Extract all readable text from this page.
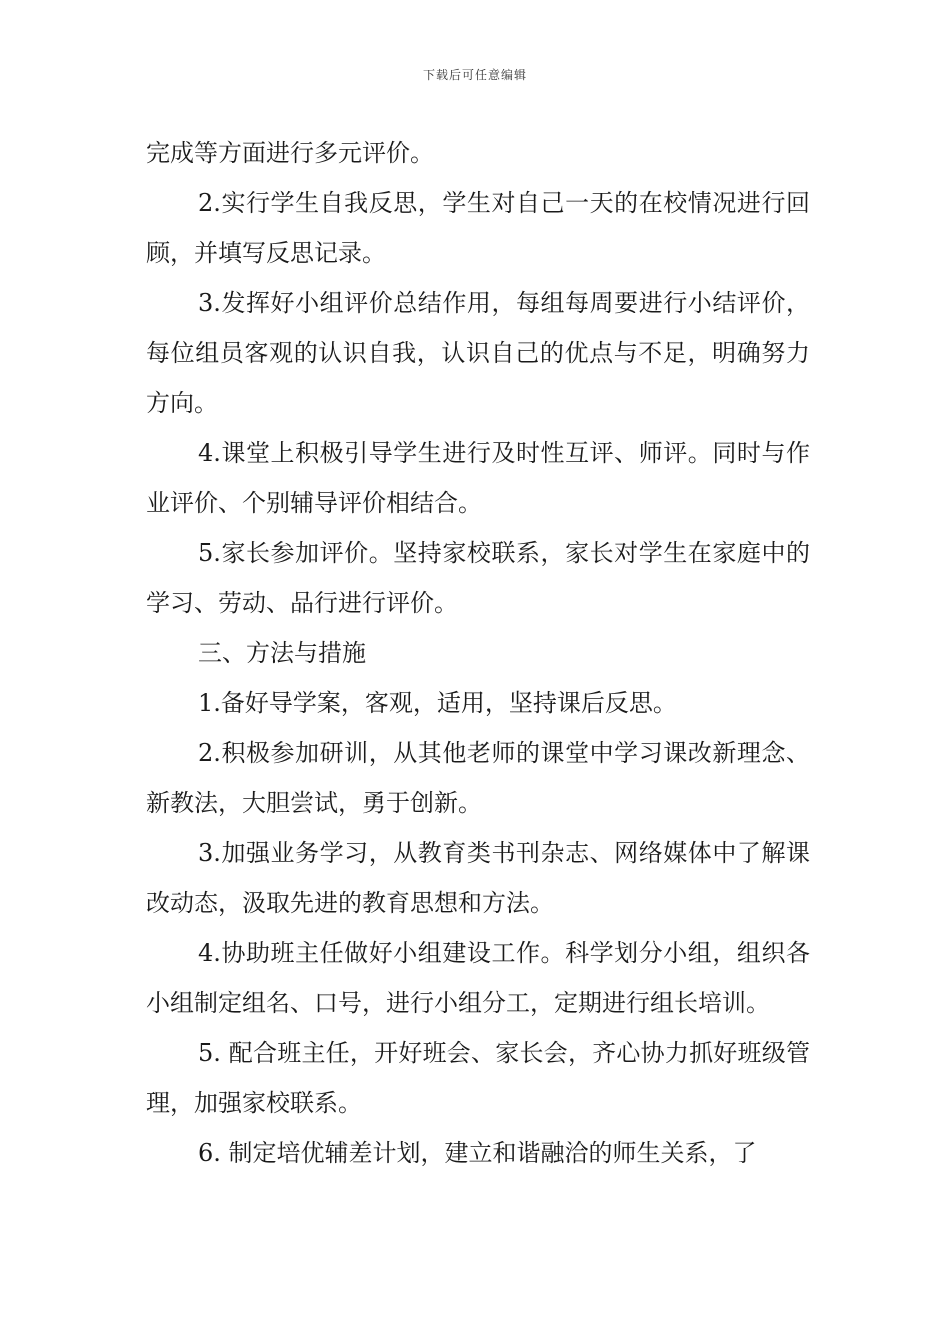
下载后可任意编辑

完成等方面进行多元评价。

2.实行学生自我反思，学生对自己一天的在校情况进行回顾，并填写反思记录。

3.发挥好小组评价总结作用，每组每周要进行小结评价，每位组员客观的认识自我，认识自己的优点与不足，明确努力方向。

4.课堂上积极引导学生进行及时性互评、师评。同时与作业评价、个别辅导评价相结合。

5.家长参加评价。坚持家校联系，家长对学生在家庭中的学习、劳动、品行进行评价。

三、方法与措施

1.备好导学案，客观，适用，坚持课后反思。

2.积极参加研训，从其他老师的课堂中学习课改新理念、新教法，大胆尝试，勇于创新。

3.加强业务学习，从教育类书刊杂志、网络媒体中了解课改动态，汲取先进的教育思想和方法。

4.协助班主任做好小组建设工作。科学划分小组，组织各小组制定组名、口号，进行小组分工，定期进行组长培训。

5. 配合班主任，开好班会、家长会，齐心协力抓好班级管理，加强家校联系。

6. 制定培优辅差计划，建立和谐融洽的师生关系，了
